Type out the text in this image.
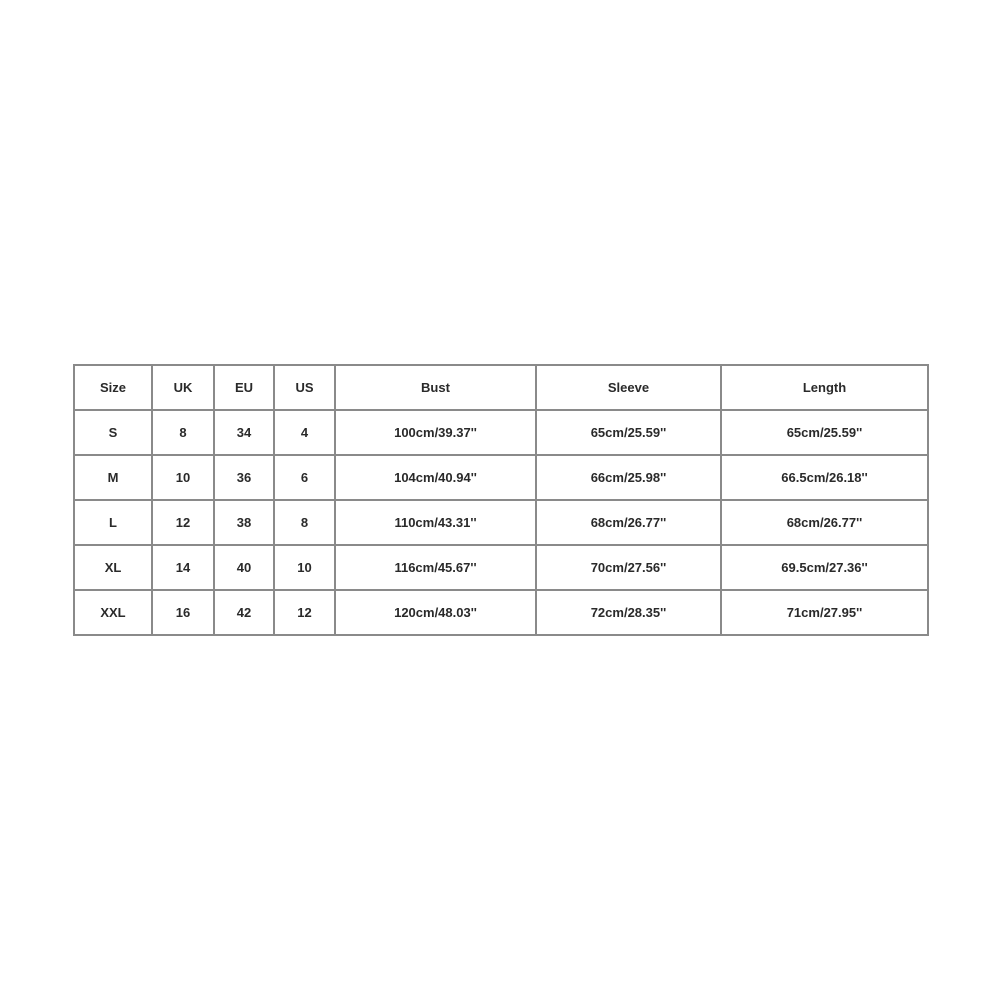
Size	UK	EU	US	Bust	Sleeve	Length
S	8	34	4	100cm/39.37''	65cm/25.59''	65cm/25.59''
M	10	36	6	104cm/40.94''	66cm/25.98''	66.5cm/26.18''
L	12	38	8	110cm/43.31''	68cm/26.77''	68cm/26.77''
XL	14	40	10	116cm/45.67''	70cm/27.56''	69.5cm/27.36''
XXL	16	42	12	120cm/48.03''	72cm/28.35''	71cm/27.95''
